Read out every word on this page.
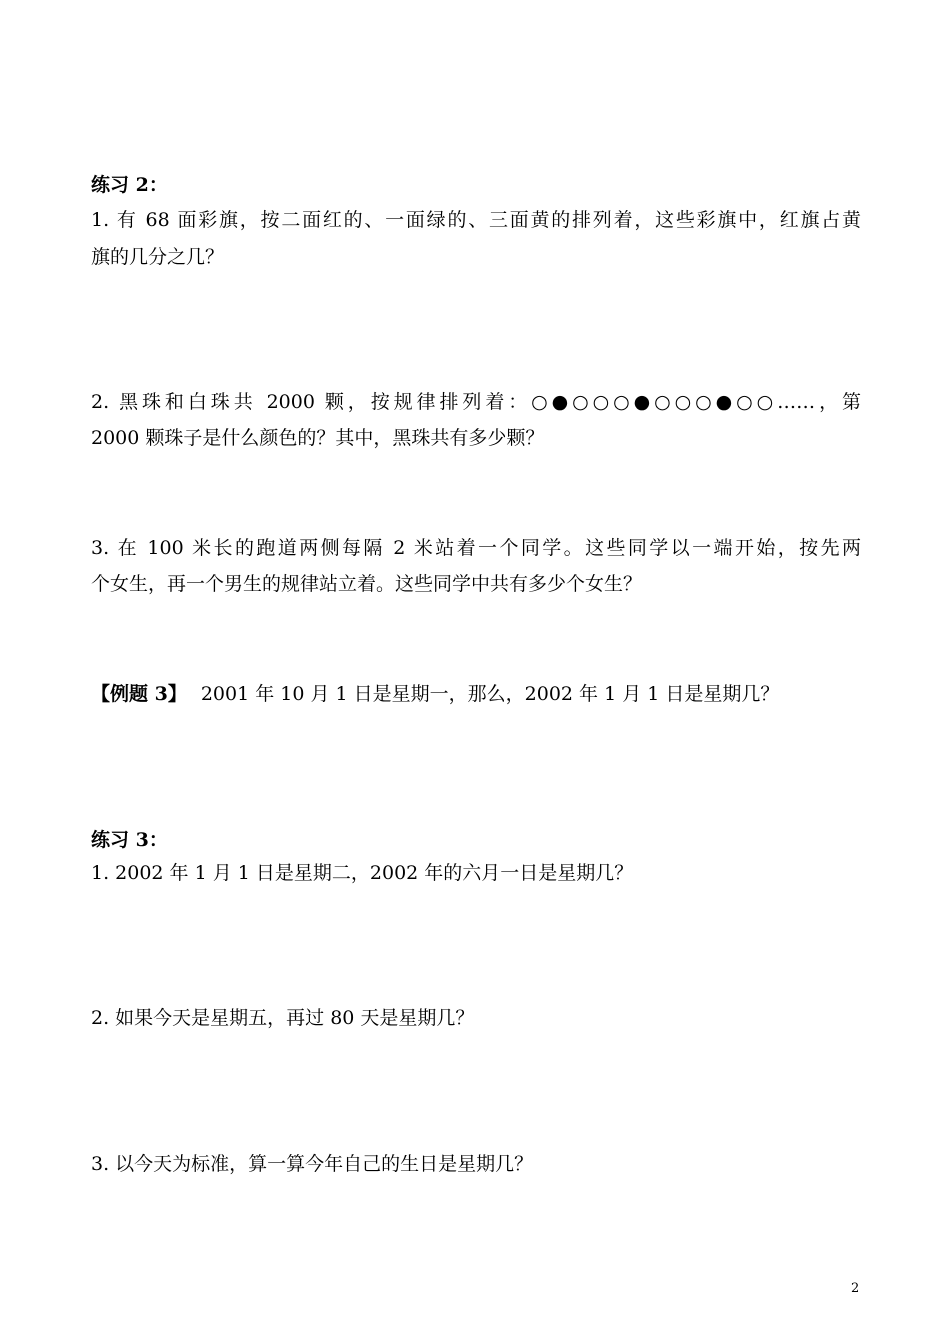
练习 2：
1. 有 68 面彩旗，按二面红的、一面绿的、三面黄的排列着，这些彩旗中，红旗占黄
旗的几分之几？
2. 黑珠和白珠共 2000 颗，按规律排列着：○●○○○●○○○●○○……，第
2000 颗珠子是什么颜色的？其中，黑珠共有多少颗？
3. 在 100 米长的跑道两侧每隔 2 米站着一个同学。这些同学以一端开始，按先两
个女生，再一个男生的规律站立着。这些同学中共有多少个女生？
【例题 3】 2001 年 10 月 1 日是星期一，那么，2002 年 1 月 1 日是星期几？
练习 3：
1. 2002 年 1 月 1 日是星期二，2002 年的六月一日是星期几？
2. 如果今天是星期五，再过 80 天是星期几？
3. 以今天为标准，算一算今年自己的生日是星期几？
2
